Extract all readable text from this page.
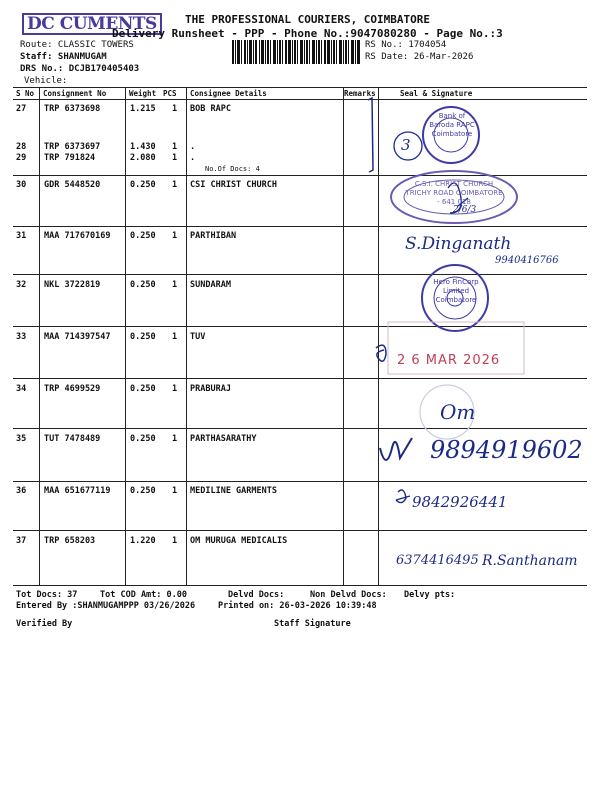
DC CUMENTS	THE PROFESSIONAL COURIERS, COIMBATORE
Delivery Runsheet - PPP - Phone No.:9047080280 - Page No.:3
Route: CLASSIC TOWERS
Staff: SHANMUGAM
DRS No.: DCJB170405403
Vehicle:
RS No.: 1704054
RS Date: 26-Mar-2026
S No Consignment No	Weight PCS Consignee Details	Remarks	Seal & Signature
27 TRP 6373698	1.215 1 BOB RAPC
28 TRP 6373697	1.430 1 .
29 TRP 791824	2.080 1 .
No.Of Docs: 4
30 GDR 5448520	0.250 1 CSI CHRIST CHURCH
31 MAA 717670169 0.250 1 PARTHIBAN
32 NKL 3722819	0.250 1 SUNDARAM
33 MAA 714397547 0.250 1 TUV
34 TRP 4699529	0.250 1 PRABURAJ
35 TUT 7478489	0.250 1 PARTHASARATHY
36 MAA 651677119 0.250 1 MEDILINE GARMENTS
37 TRP 658203	1.220 1 OM MURUGA MEDICALIS
3
Bank of Baroda RAPC Coimbatore
C.S.I. CHRIST CHURCH TRICHY ROAD COIMBATORE - 641 018
2/6/3
S.Dinganath
9940416766
Hero FinCorp Limited Coimbatore
2 6 MAR 2026
Om
9894919602
9842926441
6374416495 R.Santhanam
Tot Docs: 37	Tot COD Amt: 0.00	Delvd Docs:	Non Delvd Docs: Delvy pts:
Entered By :SHANMUGAMPPP 03/26/2026	Printed on: 26-03-2026 10:39:48
Verified By	Staff Signature
